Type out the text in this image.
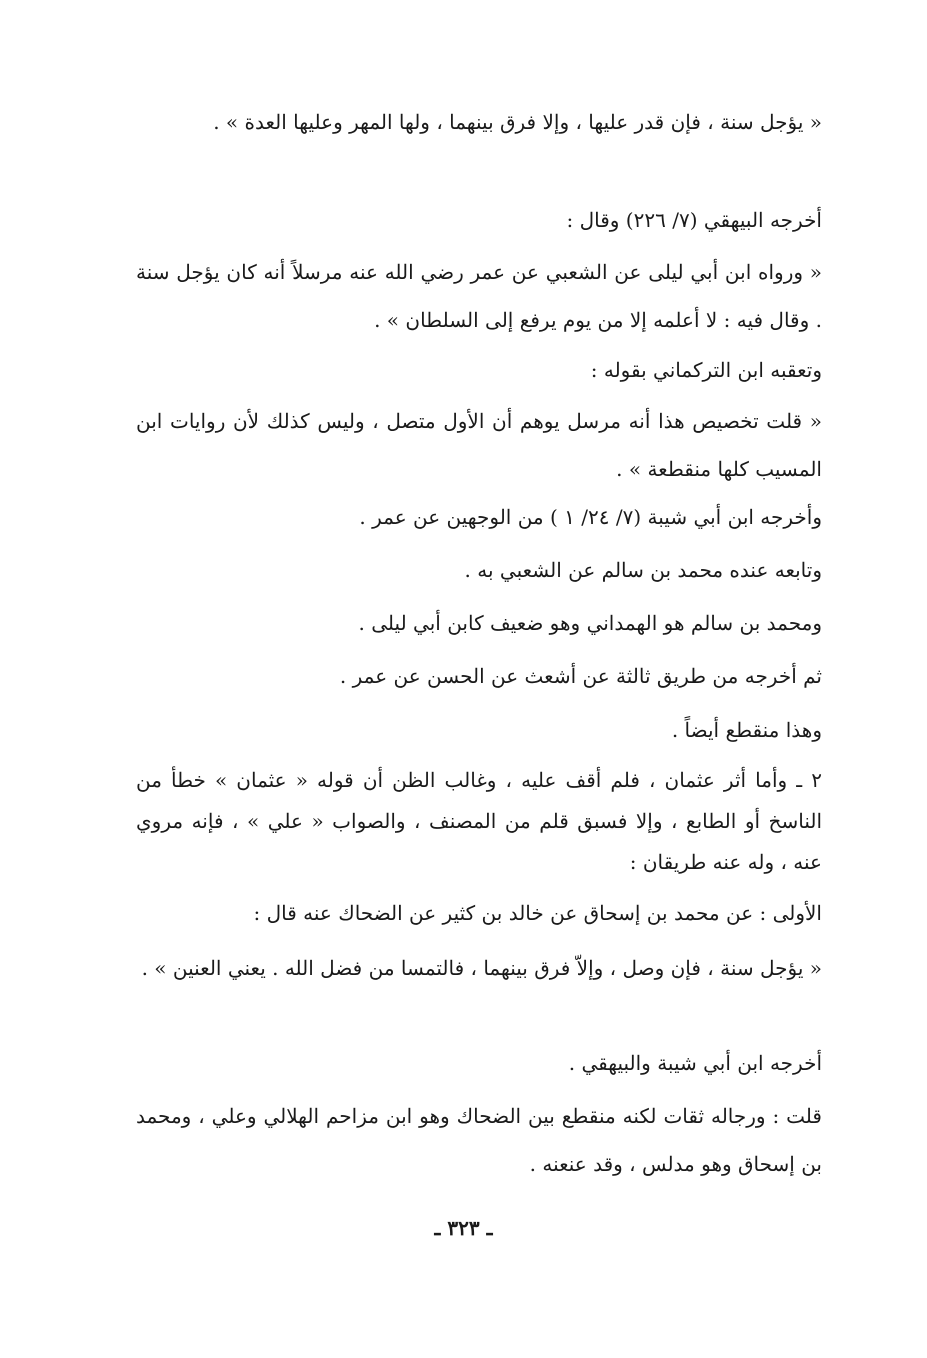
« يؤجل سنة ، فإن قدر عليها ، وإلا فرق بينهما ، ولها المهر وعليها العدة » .
أخرجه البيهقي (٧/ ٢٢٦) وقال :
« ورواه ابن أبي ليلى عن الشعبي عن عمر رضي الله عنه مرسلاً أنه كان يؤجل سنة . وقال فيه : لا أعلمه إلا من يوم يرفع إلى السلطان » .
وتعقبه ابن التركماني بقوله :
« قلت تخصيص هذا أنه مرسل يوهم أن الأول متصل ، وليس كذلك لأن روايات ابن المسيب كلها منقطعة » .
وأخرجه ابن أبي شيبة (٧/ ٢٤/ ١ ) من الوجهين عن عمر .
وتابعه عنده محمد بن سالم عن الشعبي به .
ومحمد بن سالم هو الهمداني وهو ضعيف كابن أبي ليلى .
ثم أخرجه من طريق ثالثة عن أشعث عن الحسن عن عمر .
وهذا منقطع أيضاً .
٢ ـ وأما أثر عثمان ، فلم أقف عليه ، وغالب الظن أن قوله « عثمان » خطأ من الناسخ أو الطابع ، وإلا فسبق قلم من المصنف ، والصواب « علي » ، فإنه مروي عنه ، وله عنه طريقان :
الأولى : عن محمد بن إسحاق عن خالد بن كثير عن الضحاك عنه قال :
« يؤجل سنة ، فإن وصل ، وإلاّ فرق بينهما ، فالتمسا من فضل الله . يعني العنين » .
أخرجه ابن أبي شيبة والبيهقي .
قلت : ورجاله ثقات لكنه منقطع بين الضحاك وهو ابن مزاحم الهلالي وعلي ، ومحمد بن إسحاق وهو مدلس ، وقد عنعنه .
ـ ٣٢٣ ـ
